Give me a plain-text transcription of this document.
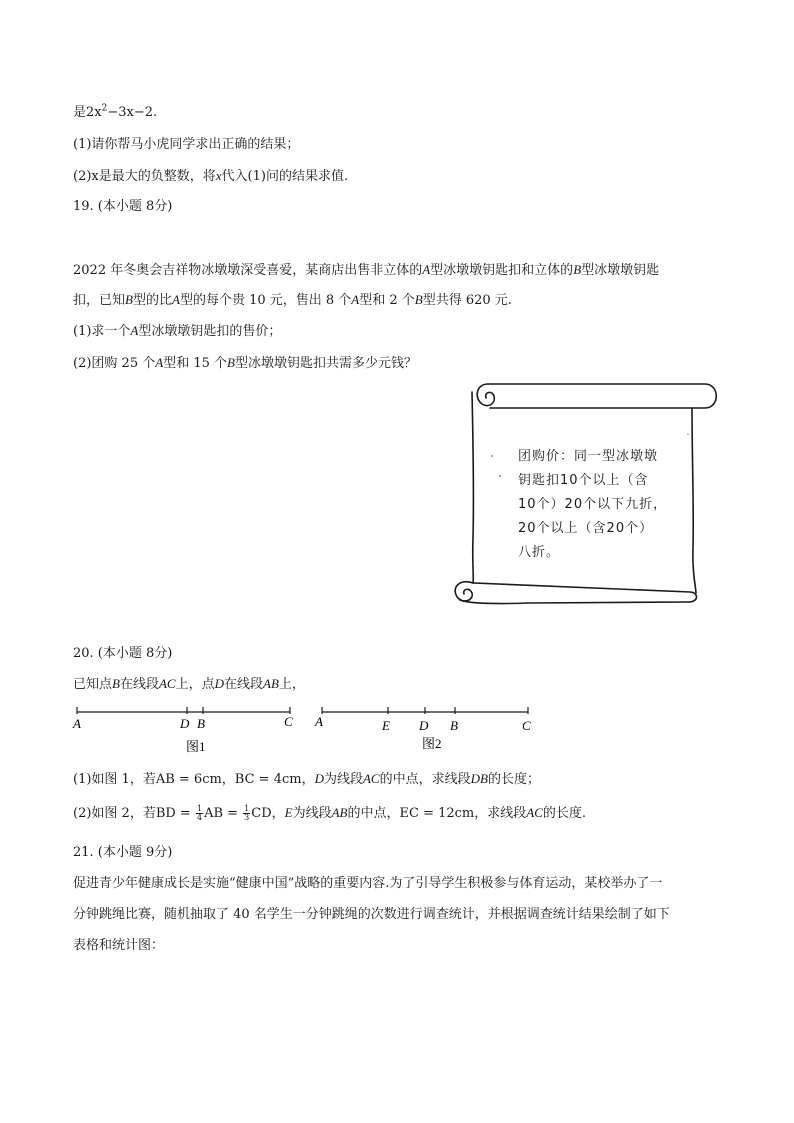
是$2x^2-3x-2$.
(1)请你帮马小虎同学求出正确的结果；
(2)x是最大的负整数，将x代入(1)问的结果求值.
19. (本小题 8分)
2022 年冬奥会吉祥物冰墩墩深受喜爱，某商店出售非立体的A型冰墩墩钥匙扣和立体的B型冰墩墩钥匙
扣，已知B型的比A型的每个贵 10 元，售出 8 个A型和 2 个B型共得 620 元.
(1)求一个A型冰墩墩钥匙扣的售价；
(2)团购 25 个A型和 15 个B型冰墩墩钥匙扣共需多少元钱？
团购价：同一型冰墩墩
钥匙扣10个以上（含
10个）20个以下九折，
20个以上（含20个）
八折。
20. (本小题 8分)
已知点B在线段AC上，点D在线段AB上，
A	D B	C
图1
A	E D B	C
图2
(1)如图 1，若AB = 6cm，BC = 4cm，D为线段AC的中点，求线段DB的长度；
(2)如图 2，若BD = $\frac{1}{4}$ AB = $\frac{1}{3}$ CD，E为线段AB的中点，EC = 12cm，求线段AC的长度.
21. (本小题 9分)
促进青少年健康成长是实施“健康中国”战略的重要内容.为了引导学生积极参与体育运动，某校举办了一
分钟跳绳比赛，随机抽取了 40 名学生一分钟跳绳的次数进行调查统计，并根据调查统计结果绘制了如下
表格和统计图：
